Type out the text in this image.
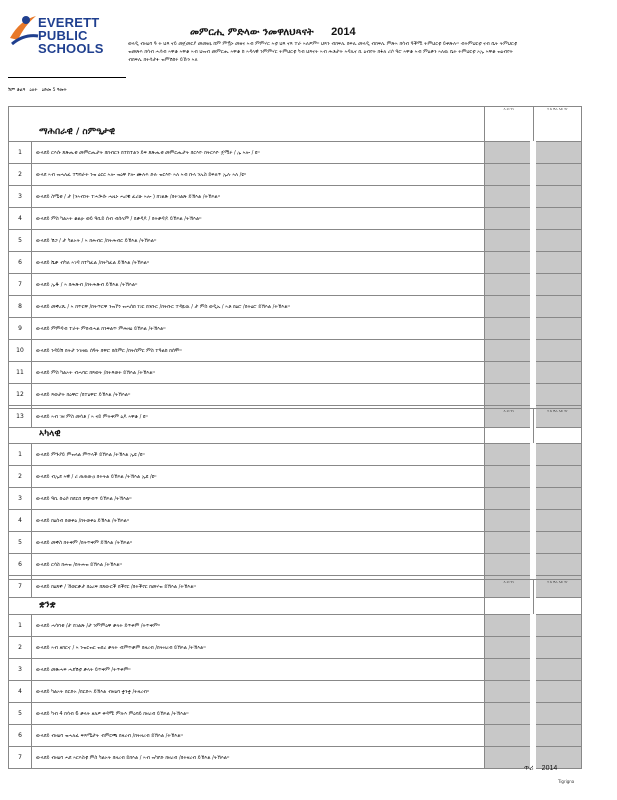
EVERETT
PUBLIC
SCHOOLS
መምርሒ ምድላው ንመዋለህጻናት 2014
ወላዲ ብዛዕባ ዓ ት ህጻ ናይ መጀመርያ መመዘኒ ከም ምዃኑ መዘና ኣብ ምምሃር ኣቲ ህጻ ናጻ ተራ ኣለዎም። ህጻን ብክፍሊ ክፍሊ መላዲ ብክፍሊ ምጽኣ ክሳብ ዓቕሚ ትምህርቲ ይቀጽሉ። ብትምህርቲ ናብ ቤት ትምህርቲ ዝመጽእ ክሳብ ሓሳብ ኣዋቆ ኣዋቆ ኣብ ህዝብ መምርሒ ኣዋቆ ከ ኣዳላዊ ንምምሃር ትምህርቲ ካብ ህጻናት ኣብ ሕቶታት ኣዳሊና ኪ ዕብየት ክፋለ ሪሶ ዓሮ ኣዋቆ ኣብ ምዕቃን ኣለዉ ቤት ትምህርቲ ኦኢ ኣዋቆ ዝዕብየት ብክፍሊ ክትሳታፉ ዝምሽከሩ ይኹን ኣለ
ሽም ቆልዓ ዕለት   ዕድመ 5 ዓመት
ማሕበራዊ / ስምዒታዊ			ኣ ብ ገና	ገ ለ ዋራ ኣይ ገና
1	ውላደይ ርእሱ ጸጽሒቱ መምርሒታት ክክብርን ክተከተልን ይፍ ጸጽሒቱ መምርሒታት ክርእዮ ክትርእዮ ጀሚሩ / ሌ ኣሎ / ዩ።			
2	ውላደ ኣብ ዝሓለፈ ተግባራት ንዝ ዕርር ኣሎ ዝዕዋ ኮሎ ሙሉእ ድሉ ዝርእዮ ኣለ ኣብ ቡላ ንኡስ ይፍለጥ ኢሉ ኣለ /ዩ።			
3	ውላደይ ስሜቱ / ታ (ንኣብነት ተሓጒሱ ሓዚኑ ሓሪቑ ፈሪሁ ኣሎ ) ክገልጽ /ክትገልጽ ይኽእል /ትኽእል።			
4	ውላደይ ምስ ካልኦት ቆልዑ ወይ ዓቢይ ሰብ ብሰላም / ክቃዳዶ / ክትቃዳዶ ይኽእል /ትኽእል።			
5	ውላደይ ሽጋ / ታ ካልኦት / ኣ ክሕብር /ክትሕብር ይኽእል /ትኽእል።			
6	ውላደይ ሼቃ ብካለ ኣገዳ ክተካፈል /ክትካፈል ይኽእል /ትኽእል።			
7	ውላደይ ኢዱ / ኣ ክሕጽብ /ክትሕጽብ ይኽእል /ትኽእል።			
8	ውላደይ መቐረጺ / ኣ ክጥርዋ /ክትጥርዋ ንዝኾነ ዝሓሰበ ነገር ክንቡር /ክትቡር ተዳዪዉ / ታ ምስ ወዲኡ / ኣቶ ክዕሮ /ክትዕሮ ይኽእል /ትኽእል።			
9	ውላደይ ምምዳብ ተራት ምክብሓል ክንፍልጥ ምሕዛዕ ይኽእል /ትኽእል።			
10	ውላደይ ንዳይሽ ክትታ ንገዛዉ ሰዓት ክዋሮ ክሰምር /ክትሰምር ምስ ተዓልከ ክሰሞ።			
11	ውላደይ ምስ ካልኦት ብሓባር ክጻወት /ክትጻወት ይኽእል /ትኽእል።			
12	ውላደይ ጻወታት ክዕዋሮ /ክተዕዋሮ ይኽእል /ትኽእል።			
13	ውላደይ ኣብ ገዛ ምስ መሳቶ / ኣ ናይ ምትቅም ዕዶ ኣዋቆ / ዩ።			
ኣካላዊ			ኣ ብ ገና	ገ ለ ዋራ ኣይ ገና
1	ውላደይ ምጉያይ ምዝላል ምጥላቕ ይኽእል /ትኽእል ኢዩ /ዩ።			
2	ውላደይ ብኢደ ኣዊ / ሪ ጠጠውዐ ክትትል ይኽእል /ትኽእል ኢዩ /ዩ።			
3	ውላደይ ዓቢ ኩዕሶ ክደርበ ክጭብጥ ይኽእል /ትኽእል።			
4	ውላደይ ክዕሰብ ክወቅዕ /ክትወቅዕ ይኽእል /ትኽእል።			
5	ውላደይ መቐስ ክትቀም /ክትጥቀም ይኽእል /ትኽእል።			
6	ውላደይ ርሳስ ክሐዝ /ክትሐዝ ይኽእል /ትኽእል።			
7	ውላደይ ክዕጸቐ / ኸወርቃታ ክዕረፍ ክጸውርቕ ክቕየር /ክትቕየር ክመሃዝ ይኽእል /ትኽእል።			
ቋንቋ			ኣ ብ ገና	ገ ለ ዋራ ኣይ ገና
1	ውላደይ ሓሳባቱ /ታ ክገልጽ /ታ ንምምዕዋ ቃላት ይጥቀም /ትጥቀም።			
2	ውላደይ ኣብ ዘክርኖ / ኣ ንዝርዝር ዝክረ ቃላት ብምጥቃም ክዛረብ /ክትዛረብ ይኽእል /ትኽእል።			
3	ውላደይ መጽሓፍ ሓደሽቲ ቃላት ይጥቀም /ትጥቀም።			
4	ውላደይ ካልኦት ክርድኦ /ክርድኣ ይኽእል ብዛዕባ ቋንቋ /ትዛረብ።			
5	ውላደይ ካብ 4 ክሳብ 6 ቃላት ዘለዎ ቅዳሚ ምሉእ ምዕባይ ክዛረብ ይኽእል /ትኽእል።			
6	ውላደይ ብዛዕባ ዝሓለፈ ፍጻሜታት ብምርጫ ክዛረብ /ክትዛረብ ይኽእል /ትኽእል።			
7	ውላደይ ብዛዕባ ሓደ ኣርእስቲ ምስ ካልኦት ክዛረብ ይክእል / ኣብ ዝካየድ ክዛረብ /ክትዛረብ ይኽእል /ትኽእል።			
ጥሪ 2014
Tigrigna
